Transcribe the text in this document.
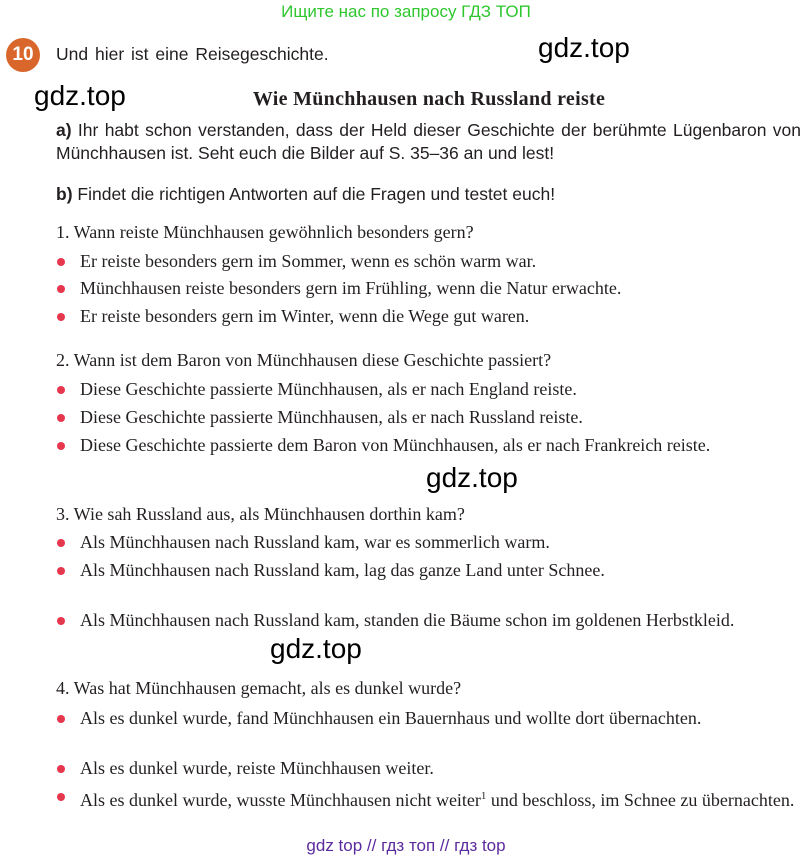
Ищите нас по запросу ГДЗ ТОП
10	Und hier ist eine Reisegeschichte.	gdz.top
gdz.top	Wie Münchhausen nach Russland reiste
a) Ihr habt schon verstanden, dass der Held dieser Geschichte der berühmte Lügenbaron von Münchhausen ist. Seht euch die Bilder auf S. 35–36 an und lest!
b) Findet die richtigen Antworten auf die Fragen und testet euch!
1. Wann reiste Münchhausen gewöhnlich besonders gern?
Er reiste besonders gern im Sommer, wenn es schön warm war.
Münchhausen reiste besonders gern im Frühling, wenn die Natur erwachte.
Er reiste besonders gern im Winter, wenn die Wege gut waren.
2. Wann ist dem Baron von Münchhausen diese Geschichte passiert?
Diese Geschichte passierte Münchhausen, als er nach England reiste.
Diese Geschichte passierte Münchhausen, als er nach Russland reiste.
Diese Geschichte passierte dem Baron von Münchhausen, als er nach Frankreich reiste.
gdz.top
3. Wie sah Russland aus, als Münchhausen dorthin kam?
Als Münchhausen nach Russland kam, war es sommerlich warm.
Als Münchhausen nach Russland kam, lag das ganze Land unter Schnee.
Als Münchhausen nach Russland kam, standen die Bäume schon im goldenen Herbstkleid.
gdz.top
4. Was hat Münchhausen gemacht, als es dunkel wurde?
Als es dunkel wurde, fand Münchhausen ein Bauernhaus und wollte dort übernachten.
Als es dunkel wurde, reiste Münchhausen weiter.
Als es dunkel wurde, wusste Münchhausen nicht weiter$^1$ und beschloss, im Schnee zu übernachten.
gdz top // гдз топ // гдз top
